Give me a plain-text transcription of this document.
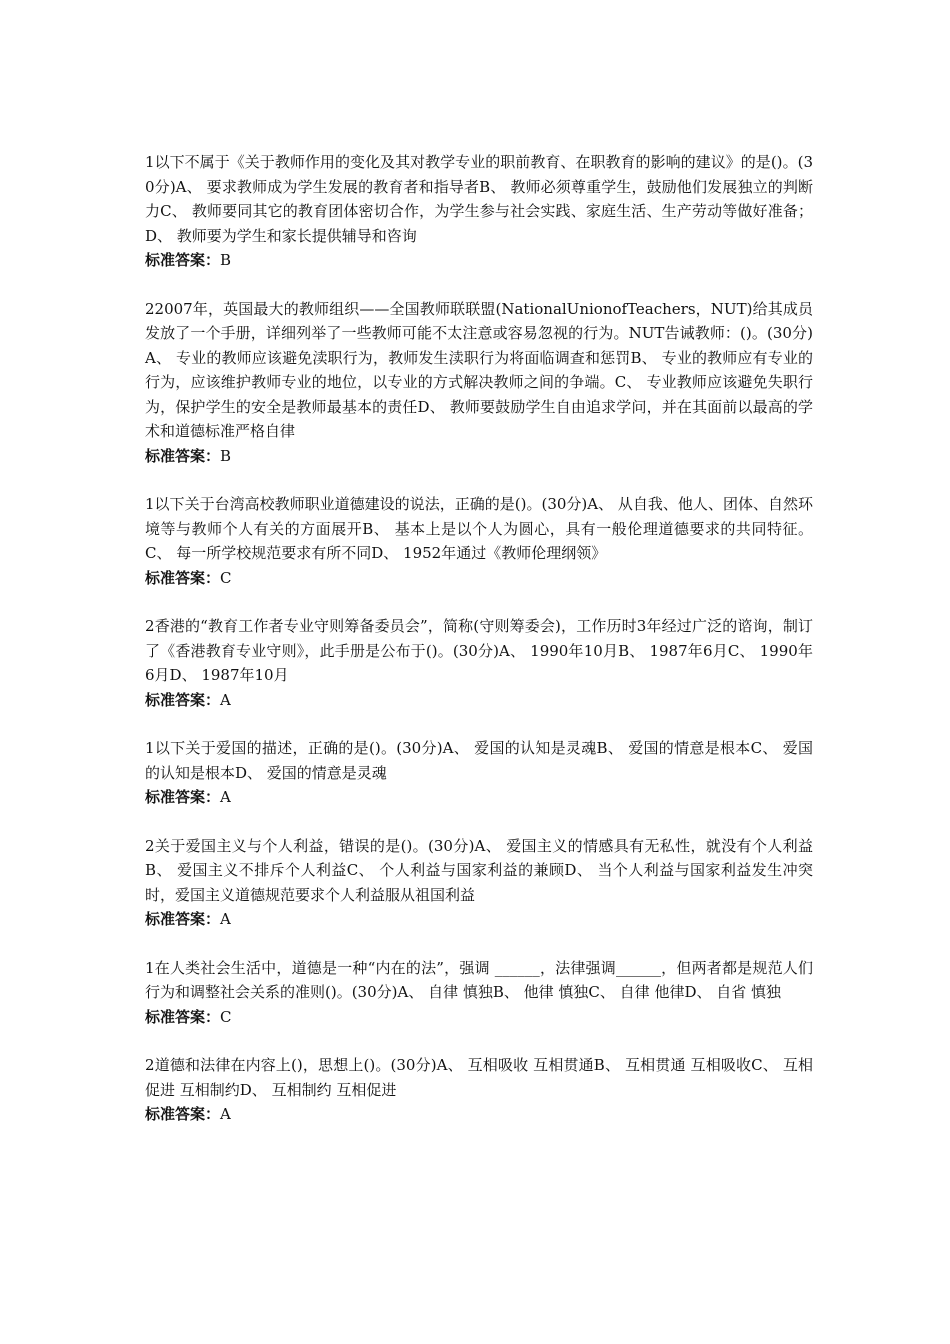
1以下不属于《关于教师作用的变化及其对教学专业的职前教育、在职教育的影响的建议》的是()。(30分)A、 要求教师成为学生发展的教育者和指导者B、 教师必须尊重学生，鼓励他们发展独立的判断力C、 教师要同其它的教育团体密切合作，为学生参与社会实践、家庭生活、生产劳动等做好准备；D、 教师要为学生和家长提供辅导和咨询

标准答案：B

22007年，英国最大的教师组织——全国教师联联盟(NationalUnionofTeachers，NUT)给其成员发放了一个手册，详细列举了一些教师可能不太注意或容易忽视的行为。NUT告诫教师：()。(30分)A、 专业的教师应该避免渎职行为，教师发生渎职行为将面临调查和惩罚B、 专业的教师应有专业的行为，应该维护教师专业的地位，以专业的方式解决教师之间的争端。C、 专业教师应该避免失职行为，保护学生的安全是教师最基本的责任D、 教师要鼓励学生自由追求学问，并在其面前以最高的学术和道德标准严格自律

标准答案：B

1以下关于台湾高校教师职业道德建设的说法，正确的是()。(30分)A、 从自我、他人、团体、自然环境等与教师个人有关的方面展开B、 基本上是以个人为圆心，具有一般伦理道德要求的共同特征。C、 每一所学校规范要求有所不同D、 1952年通过《教师伦理纲领》

标准答案：C

2香港的“教育工作者专业守则筹备委员会”，简称(守则筹委会)，工作历时3年经过广泛的谘询，制订了《香港教育专业守则》，此手册是公布于()。(30分)A、 1990年10月B、 1987年6月C、 1990年6月D、 1987年10月

标准答案：A

1以下关于爱国的描述，正确的是()。(30分)A、 爱国的认知是灵魂B、 爱国的情意是根本C、 爱国的认知是根本D、 爱国的情意是灵魂

标准答案：A

2关于爱国主义与个人利益，错误的是()。(30分)A、 爱国主义的情感具有无私性，就没有个人利益B、 爱国主义不排斥个人利益C、 个人利益与国家利益的兼顾D、 当个人利益与国家利益发生冲突时，爱国主义道德规范要求个人利益服从祖国利益

标准答案：A

1在人类社会生活中，道德是一种“内在的法”，强调 ______，法律强调______，但两者都是规范人们行为和调整社会关系的准则()。(30分)A、 自律 慎独B、 他律 慎独C、 自律 他律D、 自省 慎独

标准答案：C

2道德和法律在内容上()，思想上()。(30分)A、 互相吸收 互相贯通B、 互相贯通 互相吸收C、 互相促进 互相制约D、 互相制约 互相促进

标准答案：A
